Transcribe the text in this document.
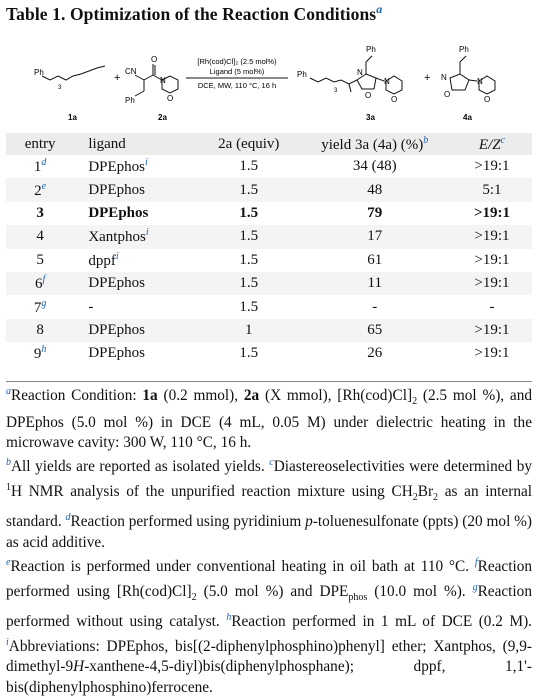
Table 1. Optimization of the Reaction Conditions$^a$
Ph
3
1a
+
CN
Ph
O
N
O
2a
[Rh(cod)Cl]₂ (2.5 mol%)
Ligand (5 mol%)
DCE, MW, 110 °C, 16 h
Ph
3
Ph
N
O
N
O
3a
+
Ph
N
O
N
O
4a
entry	ligand	2a (equiv)	yield 3a (4a) (%)$^b$	E/Z$^c$
1$^d$	DPEphos$^i$	1.5	34 (48)	>19:1
2e	DPEphos	1.5	48	5:1
3	DPEphos	1.5	79	>19:1
4	Xantphos$^i$	1.5	17	>19:1
5	dppf$^i$	1.5	61	>19:1
6$^f$	DPEphos	1.5	11	>19:1
7$^g$	-	1.5	-	-
8	DPEphos	1	65	>19:1
9$^h$	DPEphos	1.5	26	>19:1

$^a$Reaction Condition: 1a (0.2 mmol), 2a (X mmol), $[Rh(cod)Cl]_2$ (2.5 mol %), and DPEphos (5.0 mol %) in DCE (4 mL, 0.05 M) under dielectric heating in the microwave cavity: 300 W, 110 °C, 16 h.

$^b$All yields are reported as isolated yields. $^c$Diastereoselectivities were determined by $^1$H NMR analysis of the unpurified reaction mixture using $CH_2Br_2$ as an internal standard. $^d$Reaction performed using pyridinium p-toluenesulfonate (ppts) (20 mol %) as acid additive.

$^e$Reaction is performed under conventional heating in oil bath at 110 °C. $^f$Reaction performed using $[Rh(cod)Cl]_2$ (5.0 mol %) and $DPE_{phos}$ (10.0 mol %). $^g$Reaction performed without using catalyst. $^h$Reaction performed in 1 mL of DCE (0.2 M). $^i$Abbreviations: DPEphos, bis[(2-diphenylphosphino)phenyl] ether; Xantphos, (9,9-dimethyl-9H-xanthene-4,5-diyl)bis(diphenylphosphane); dppf, 1,1'-bis(diphenylphosphino)ferrocene.
